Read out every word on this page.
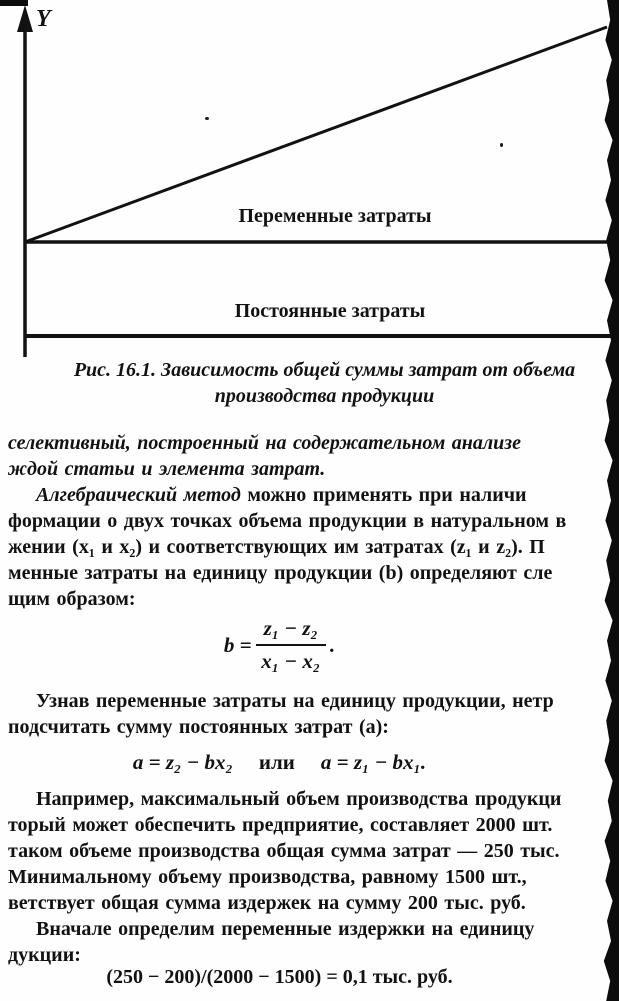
Y
Переменные затраты
Постоянные затраты
Рис. 16.1. Зависимость общей суммы затрат от объема
производства продукции
селективный, построенный на содержательном анализе
ждой статьи и элемента затрат.
Алгебраический метод можно применять при наличи
формации о двух точках объема продукции в натуральном в
жении (x₁ и x₂) и соответствующих им затратах (z₁ и z₂). П
менные затраты на единицу продукции (b) определяют сле
щим образом:
$b = \frac{\text{z₁ − z₂}}{\text{x₁ − x₂}}$ .
Узнав переменные затраты на единицу продукции, нетр
подсчитать сумму постоянных затрат (a):
a = z₂ − bx₂ или a = z₁ − bx₁.
Например, максимальный объем производства продукци
торый может обеспечить предприятие, составляет 2000 шт.
таком объеме производства общая сумма затрат — 250 тыс.
Минимальному объему производства, равному 1500 шт.,
ветствует общая сумма издержек на сумму 200 тыс. руб.
Вначале определим переменные издержки на единицу
дукции:
(250 − 200)/(2000 − 1500) = 0,1 тыс. руб.
